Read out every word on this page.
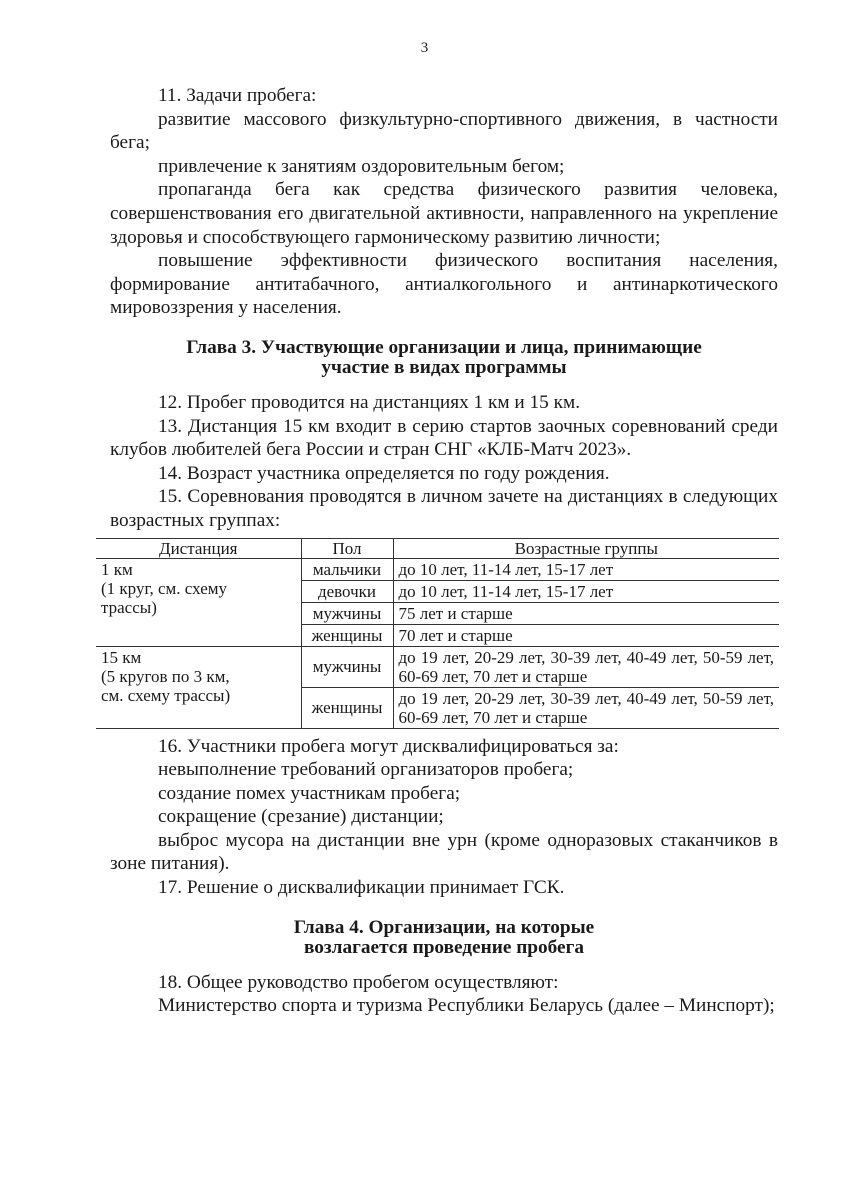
3

11. Задачи пробега:

развитие массового физкультурно-спортивного движения, в частности бега;

привлечение к занятиям оздоровительным бегом;

пропаганда бега как средства физического развития человека, совершенствования его двигательной активности, направленного на укрепление здоровья и способствующего гармоническому развитию личности;

повышение эффективности физического воспитания населения, формирование антитабачного, антиалкогольного и антинаркотического мировоззрения у населения.

Глава 3. Участвующие организации и лица, принимающие
участие в видах программы

12. Пробег проводится на дистанциях 1 км и 15 км.

13. Дистанция 15 км входит в серию стартов заочных соревнований среди клубов любителей бега России и стран СНГ «КЛБ-Матч 2023».

14. Возраст участника определяется по году рождения.

15. Соревнования проводятся в личном зачете на дистанциях в следующих возрастных группах:

Дистанция	Пол	Возрастные группы
1 км
(1 круг, см. схему
трассы)	мальчики	до 10 лет, 11-14 лет, 15-17 лет
	девочки	до 10 лет, 11-14 лет, 15-17 лет
	мужчины	75 лет и старше
	женщины	70 лет и старше
15 км
(5 кругов по 3 км,
см. схему трассы)	мужчины	до 19 лет, 20-29 лет, 30-39 лет, 40-49 лет, 50-59 лет, 60-69 лет, 70 лет и старше
	женщины	до 19 лет, 20-29 лет, 30-39 лет, 40-49 лет, 50-59 лет, 60-69 лет, 70 лет и старше

16. Участники пробега могут дисквалифицироваться за:

невыполнение требований организаторов пробега;

создание помех участникам пробега;

сокращение (срезание) дистанции;

выброс мусора на дистанции вне урн (кроме одноразовых стаканчиков в зоне питания).

17. Решение о дисквалификации принимает ГСК.

Глава 4. Организации, на которые
возлагается проведение пробега

18. Общее руководство пробегом осуществляют:

Министерство спорта и туризма Республики Беларусь (далее – Минспорт);
